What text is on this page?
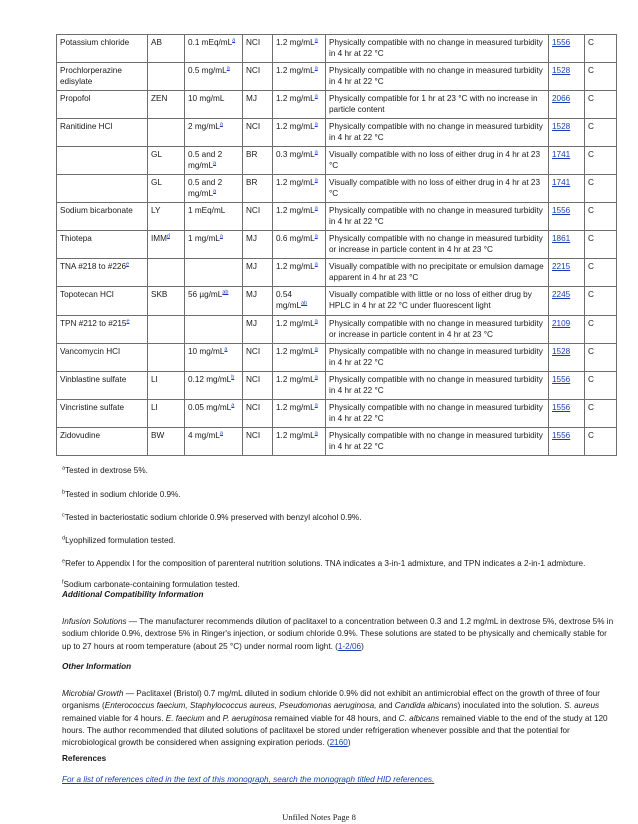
Potassium chloride	AB	0.1 mEq/$mL^a$	NCI	1.2 $mg/mL^a$	Physically compatible with no change in measured turbidity in 4 hr at 22 °C	1556	C
Prochlorperazine edisylate		0.5 $mg/mL^a$	NCI	1.2 $mg/mL^a$	Physically compatible with no change in measured turbidity in 4 hr at 22 °C	1528	C
Propofol	ZEN	10 mg/mL	MJ	1.2 $mg/mL^a$	Physically compatible for 1 hr at 23 °C with no increase in particle content	2066	C
Ranitidine HCl		2 $mg/mL^a$	NCI	1.2 $mg/mL^a$	Physically compatible with no change in measured turbidity in 4 hr at 22 °C	1528	C
	GL	0.5 and 2 $mg/mL^a$	BR	0.3 $mg/mL^a$	Visually compatible with no loss of either drug in 4 hr at 23 °C	1741	C
	GL	0.5 and 2 $mg/mL^a$	BR	1.2 $mg/mL^a$	Visually compatible with no loss of either drug in 4 hr at 23 °C	1741	C
Sodium bicarbonate	LY	1 mEq/mL	NCI	1.2 $mg/mL^a$	Physically compatible with no change in measured turbidity in 4 hr at 22 °C	1556	C
Thiotepa	IMM$^d$	1 $mg/mL^a$	MJ	0.6 $mg/mL^a$	Physically compatible with no change in measured turbidity or increase in particle content in 4 hr at 23 °C	1861	C
TNA #218 to #226e			MJ	1.2 $mg/mL^a$	Visually compatible with no precipitate or emulsion damage apparent in 4 hr at 23 °C	2215	C
Topotecan HCl	SKB	56 $\mu g/mL^{ab}$	MJ	0.54 $mg/mL^{ab}$	Visually compatible with little or no loss of either drug by HPLC in 4 hr at 22 °C under fluorescent light	2245	C
TPN #212 to #215e			MJ	1.2 $mg/mL^a$	Physically compatible with no change in measured turbidity or increase in particle content in 4 hr at 23 °C	2109	C
Vancomycin HCl		10 $mg/mL^a$	NCI	1.2 $mg/mL^a$	Physically compatible with no change in measured turbidity in 4 hr at 22 °C	1528	C
Vinblastine sulfate	LI	0.12 $mg/mL^b$	NCI	1.2 $mg/mL^a$	Physically compatible with no change in measured turbidity in 4 hr at 22 °C	1556	C
Vincristine sulfate	LI	0.05 $mg/mL^a$	NCI	1.2 $mg/mL^a$	Physically compatible with no change in measured turbidity in 4 hr at 22 °C	1556	C
Zidovudine	BW	4 $mg/mL^a$	NCI	1.2 $mg/mL^a$	Physically compatible with no change in measured turbidity in 4 hr at 22 °C	1556	C
$^a$Tested in dextrose 5%.
$^b$Tested in sodium chloride 0.9%.
$^c$Tested in bacteriostatic sodium chloride 0.9% preserved with benzyl alcohol 0.9%.
$^d$Lyophilized formulation tested.
$^e$Refer to Appendix I for the composition of parenteral nutrition solutions. TNA indicates a 3-in-1 admixture, and TPN indicates a 2-in-1 admixture.
$^f$Sodium carbonate-containing formulation tested.
Additional Compatibility Information
Infusion Solutions — The manufacturer recommends dilution of paclitaxel to a concentration between 0.3 and 1.2 mg/mL in dextrose 5%, dextrose 5% in sodium chloride 0.9%, dextrose 5% in Ringer's injection, or sodium chloride 0.9%. These solutions are stated to be physically and chemically stable for up to 27 hours at room temperature (about 25 °C) under normal room light. (1-2/06)
Other Information
Microbial Growth — Paclitaxel (Bristol) 0.7 mg/mL diluted in sodium chloride 0.9% did not exhibit an antimicrobial effect on the growth of three of four organisms (Enterococcus faecium, Staphylococcus aureus, Pseudomonas aeruginosa, and Candida albicans) inoculated into the solution. S. aureus remained viable for 4 hours. E. faecium and P. aeruginosa remained viable for 48 hours, and C. albicans remained viable to the end of the study at 120 hours. The author recommended that diluted solutions of paclitaxel be stored under refrigeration whenever possible and that the potential for microbiological growth be considered when assigning expiration periods. (2160)
References
For a list of references cited in the text of this monograph, search the monograph titled HID references.
Unfiled Notes Page 8
